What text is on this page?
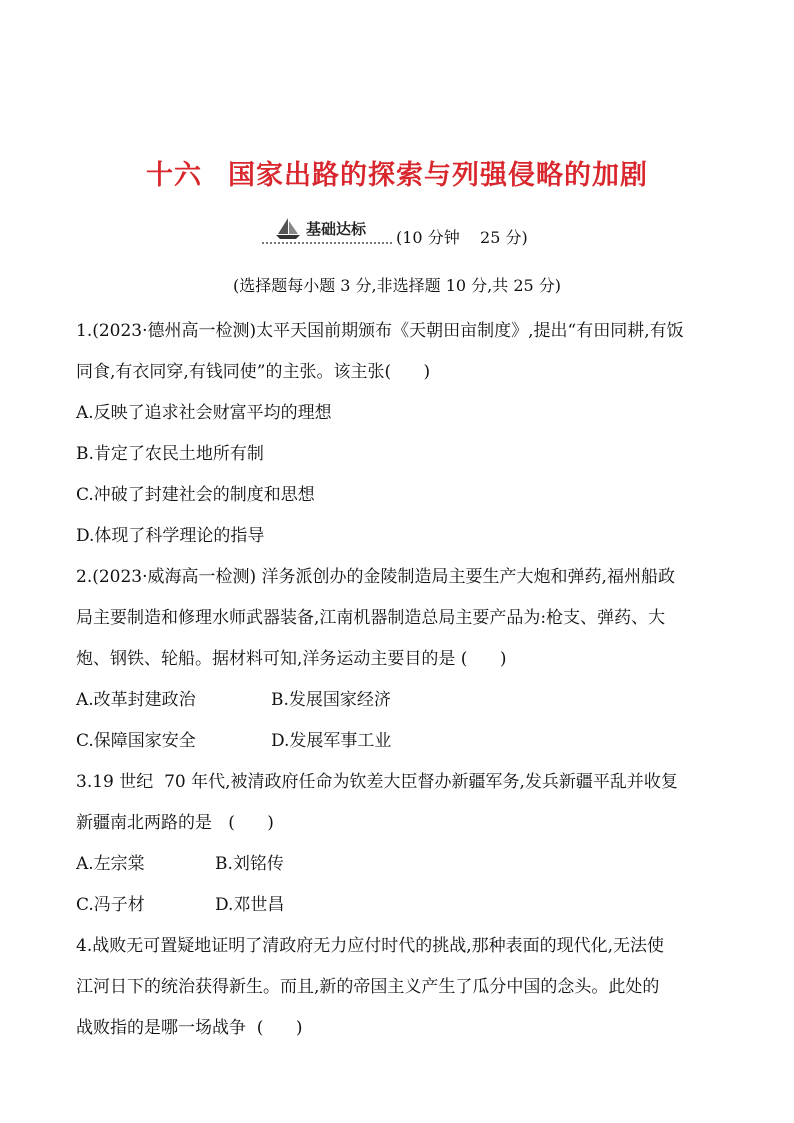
十六 国家出路的探索与列强侵略的加剧
基础达标 (10 分钟    25 分)
(选择题每小题 3 分,非选择题 10 分,共 25 分)

1.(2023·德州高一检测)太平天国前期颁布《天朝田亩制度》,提出“有田同耕,有饭

同食,有衣同穿,有钱同使”的主张。该主张(      )

A.反映了追求社会财富平均的理想

B.肯定了农民土地所有制

C.冲破了封建社会的制度和思想

D.体现了科学理论的指导

2.(2023·威海高一检测) 洋务派创办的金陵制造局主要生产大炮和弹药,福州船政

局主要制造和修理水师武器装备,江南机器制造总局主要产品为:枪支、弹药、大

炮、钢铁、轮船。据材料可知,洋务运动主要目的是 (      )

A.改革封建政治	B.发展国家经济

C.保障国家安全	D.发展军事工业

3.19 世纪  70 年代,被清政府任命为钦差大臣督办新疆军务,发兵新疆平乱并收复

新疆南北两路的是   (      )

A.左宗棠	B.刘铭传

C.冯子材	D.邓世昌

4.战败无可置疑地证明了清政府无力应付时代的挑战,那种表面的现代化,无法使

江河日下的统治获得新生。而且,新的帝国主义产生了瓜分中国的念头。此处的

战败指的是哪一场战争  (      )
